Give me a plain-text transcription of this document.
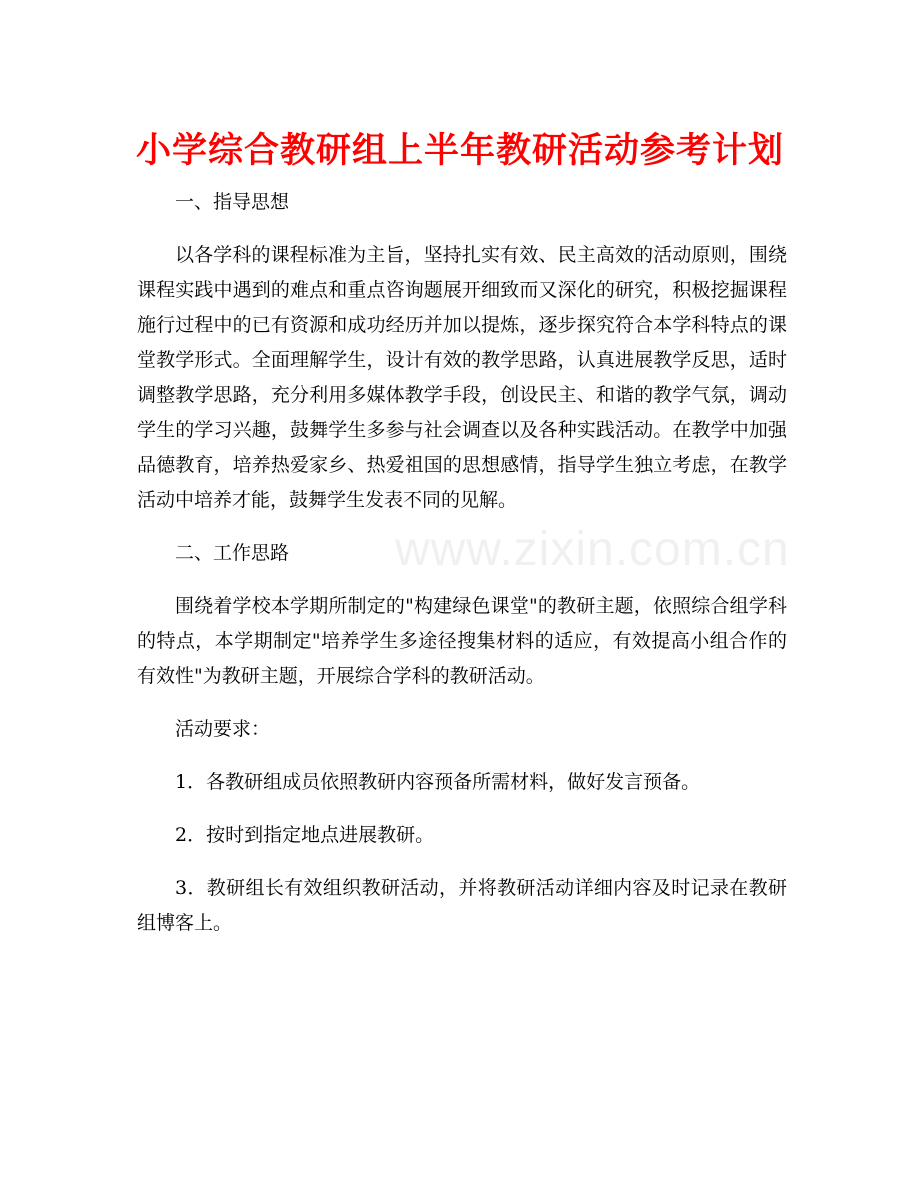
小学综合教研组上半年教研活动参考计划

一、指导思想

以各学科的课程标准为主旨，坚持扎实有效、民主高效的活动原则，围绕课程实践中遇到的难点和重点咨询题展开细致而又深化的研究，积极挖掘课程施行过程中的已有资源和成功经历并加以提炼，逐步探究符合本学科特点的课堂教学形式。全面理解学生，设计有效的教学思路，认真进展教学反思，适时调整教学思路，充分利用多媒体教学手段，创设民主、和谐的教学气氛，调动学生的学习兴趣，鼓舞学生多参与社会调查以及各种实践活动。在教学中加强品德教育，培养热爱家乡、热爱祖国的思想感情，指导学生独立考虑，在教学活动中培养才能，鼓舞学生发表不同的见解。

二、工作思路

围绕着学校本学期所制定的"构建绿色课堂"的教研主题，依照综合组学科的特点，本学期制定"培养学生多途径搜集材料的适应，有效提高小组合作的有效性"为教研主题，开展综合学科的教研活动。

活动要求：

1．各教研组成员依照教研内容预备所需材料，做好发言预备。

2．按时到指定地点进展教研。

3．教研组长有效组织教研活动，并将教研活动详细内容及时记录在教研组博客上。

www.zixin.com.cn
